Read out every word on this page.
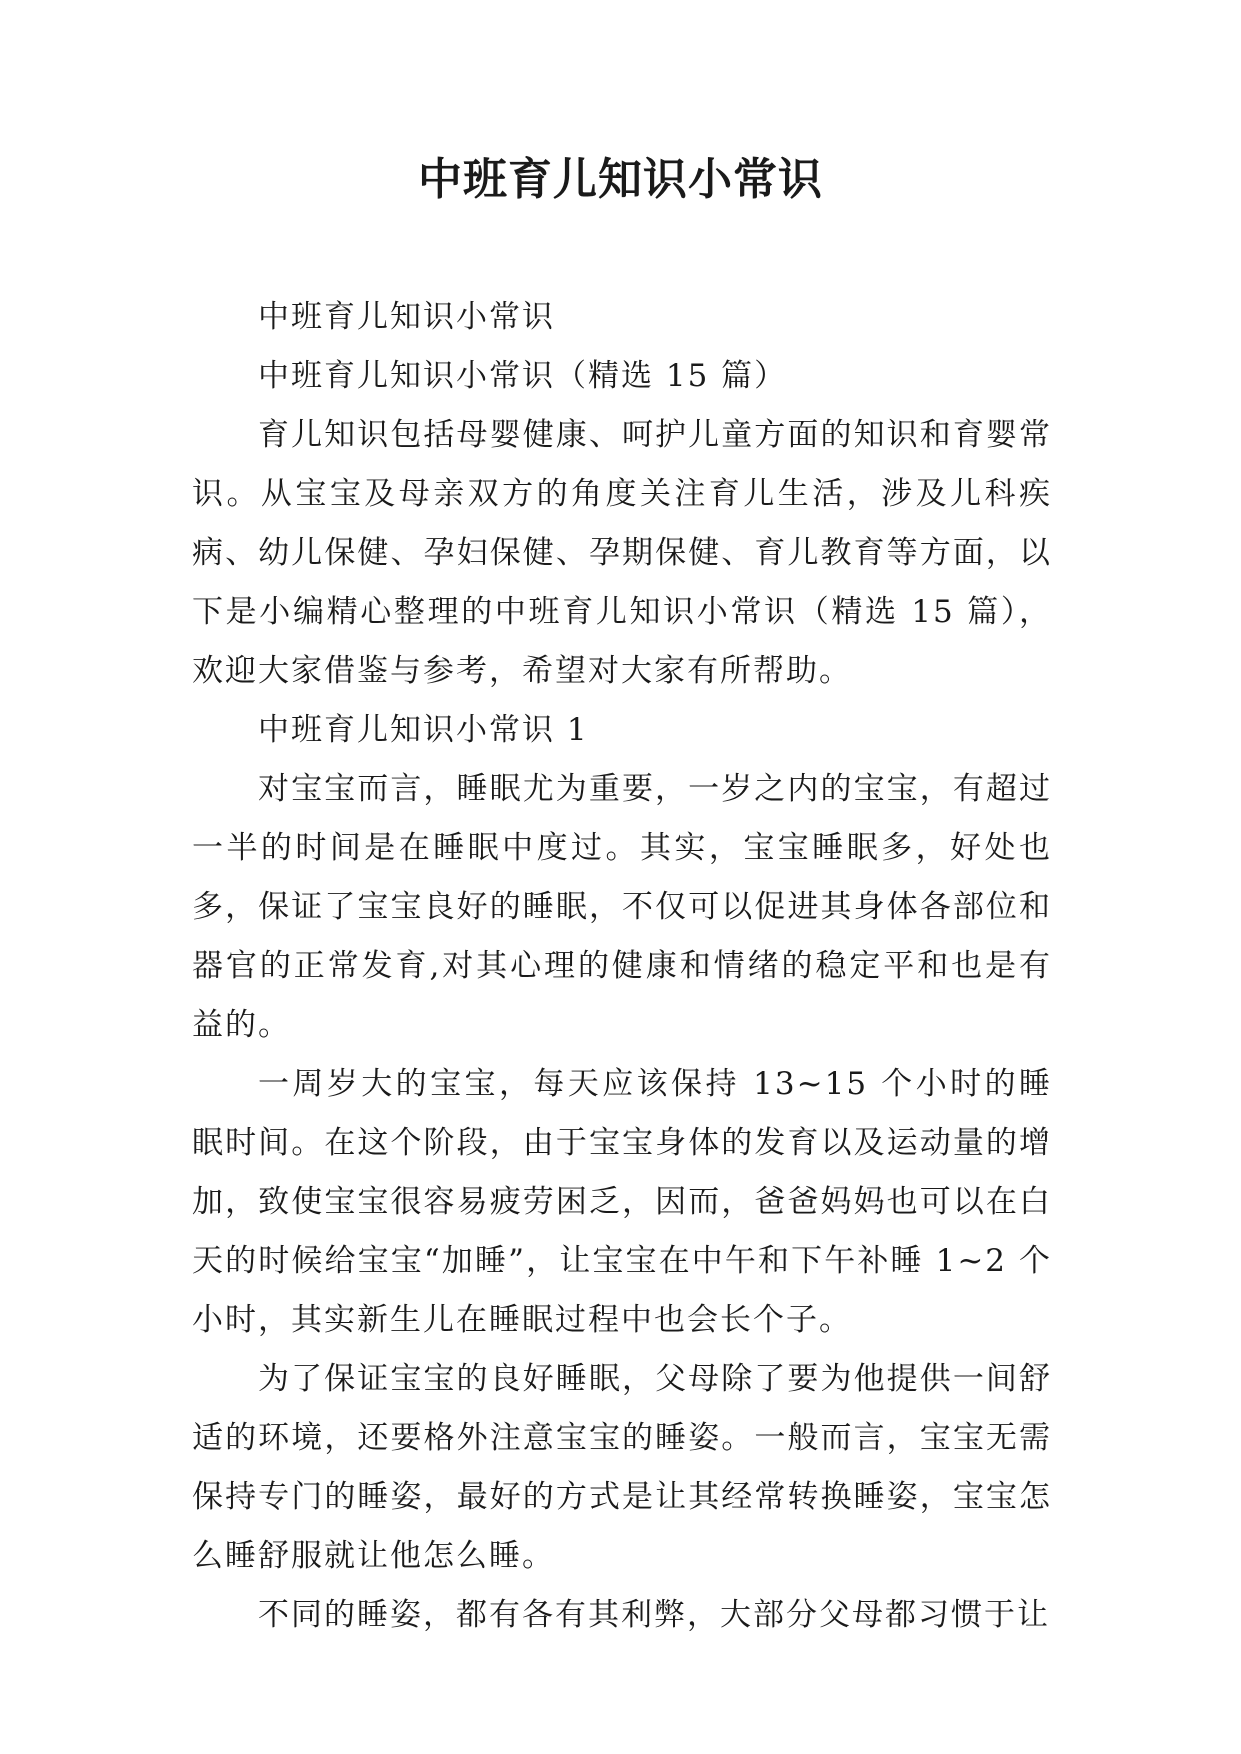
中班育儿知识小常识

中班育儿知识小常识

中班育儿知识小常识（精选 15 篇）

育儿知识包括母婴健康、呵护儿童方面的知识和育婴常识。从宝宝及母亲双方的角度关注育儿生活，涉及儿科疾病、幼儿保健、孕妇保健、孕期保健、育儿教育等方面，以下是小编精心整理的中班育儿知识小常识（精选 15 篇），欢迎大家借鉴与参考，希望对大家有所帮助。

中班育儿知识小常识 1

对宝宝而言，睡眠尤为重要，一岁之内的宝宝，有超过一半的时间是在睡眠中度过。其实，宝宝睡眠多，好处也多，保证了宝宝良好的睡眠，不仅可以促进其身体各部位和器官的正常发育,对其心理的健康和情绪的稳定平和也是有益的。

一周岁大的宝宝，每天应该保持 13~15 个小时的睡眠时间。在这个阶段，由于宝宝身体的发育以及运动量的增加，致使宝宝很容易疲劳困乏，因而，爸爸妈妈也可以在白天的时候给宝宝“加睡”，让宝宝在中午和下午补睡 1~2 个小时，其实新生儿在睡眠过程中也会长个子。

为了保证宝宝的良好睡眠，父母除了要为他提供一间舒适的环境，还要格外注意宝宝的睡姿。一般而言，宝宝无需保持专门的睡姿，最好的方式是让其经常转换睡姿，宝宝怎么睡舒服就让他怎么睡。

不同的睡姿，都有各有其利弊，大部分父母都习惯于让
